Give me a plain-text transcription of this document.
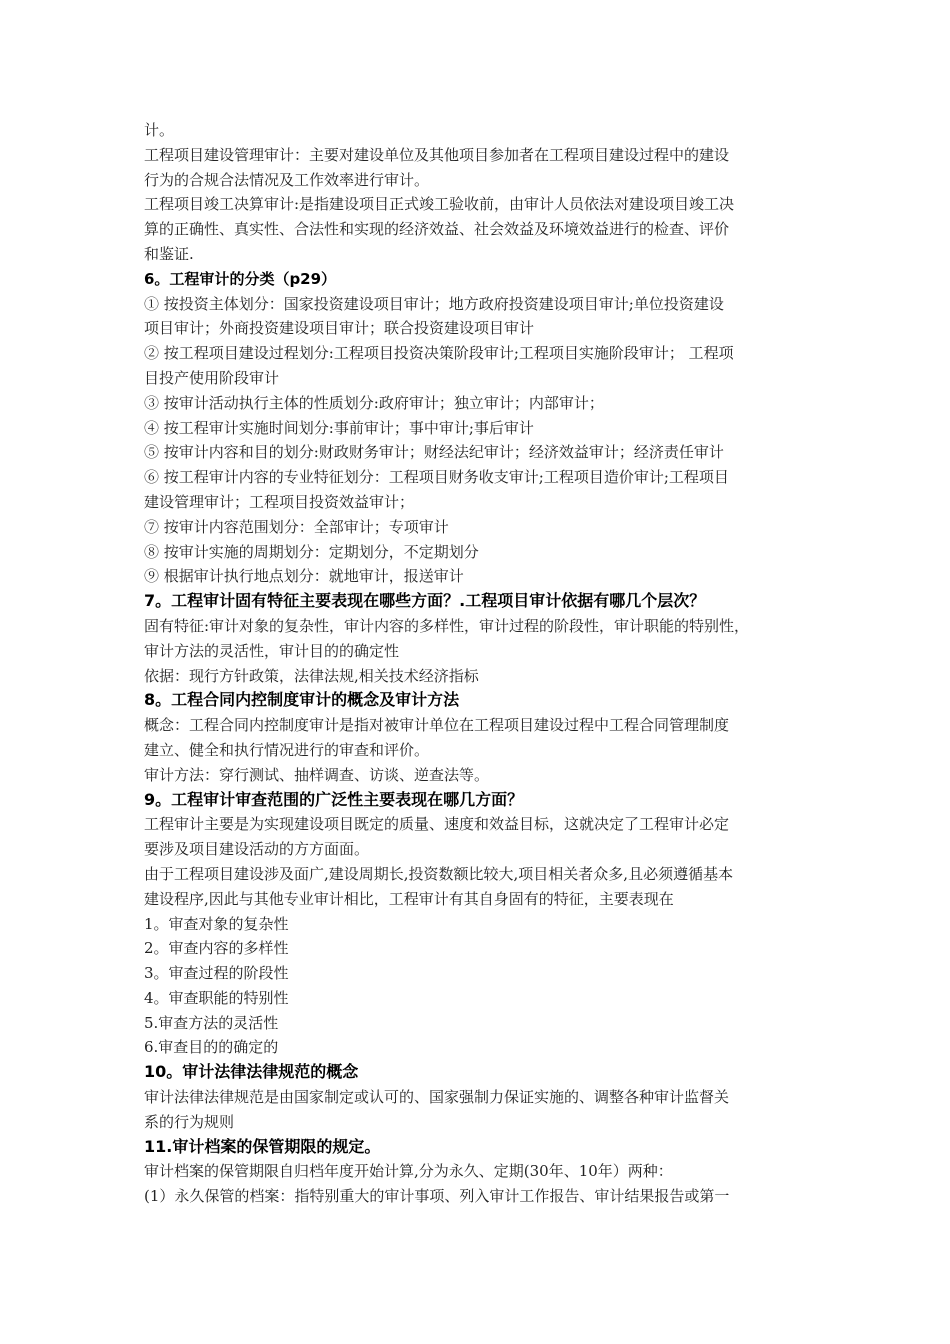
计。
工程项目建设管理审计：主要对建设单位及其他项目参加者在工程项目建设过程中的建设
行为的合规合法情况及工作效率进行审计。
工程项目竣工决算审计:是指建设项目正式竣工验收前，由审计人员依法对建设项目竣工决
算的正确性、真实性、合法性和实现的经济效益、社会效益及环境效益进行的检查、评价
和鉴证.
6。工程审计的分类（p29）
① 按投资主体划分：国家投资建设项目审计；地方政府投资建设项目审计;单位投资建设
项目审计；外商投资建设项目审计；联合投资建设项目审计
② 按工程项目建设过程划分:工程项目投资决策阶段审计;工程项目实施阶段审计； 工程项
目投产使用阶段审计
③ 按审计活动执行主体的性质划分:政府审计；独立审计；内部审计；
④ 按工程审计实施时间划分:事前审计；事中审计;事后审计
⑤ 按审计内容和目的划分:财政财务审计；财经法纪审计；经济效益审计；经济责任审计
⑥ 按工程审计内容的专业特征划分：工程项目财务收支审计;工程项目造价审计;工程项目
建设管理审计；工程项目投资效益审计；
⑦ 按审计内容范围划分：全部审计；专项审计
⑧ 按审计实施的周期划分：定期划分，不定期划分
⑨ 根据审计执行地点划分：就地审计，报送审计
7。工程审计固有特征主要表现在哪些方面？.工程项目审计依据有哪几个层次？
固有特征:审计对象的复杂性，审计内容的多样性，审计过程的阶段性，审计职能的特别性，
审计方法的灵活性，审计目的的确定性
依据：现行方针政策，法律法规,相关技术经济指标
8。工程合同内控制度审计的概念及审计方法
概念：工程合同内控制度审计是指对被审计单位在工程项目建设过程中工程合同管理制度
建立、健全和执行情况进行的审查和评价。
审计方法：穿行测试、抽样调查、访谈、逆查法等。
9。工程审计审查范围的广泛性主要表现在哪几方面？
工程审计主要是为实现建设项目既定的质量、速度和效益目标，这就决定了工程审计必定
要涉及项目建设活动的方方面面。
由于工程项目建设涉及面广,建设周期长,投资数额比较大,项目相关者众多,且必须遵循基本
建设程序,因此与其他专业审计相比，工程审计有其自身固有的特征，主要表现在
1。审查对象的复杂性
2。审查内容的多样性
3。审查过程的阶段性
4。审查职能的特别性
5.审查方法的灵活性
6.审查目的的确定的
10。审计法律法律规范的概念
审计法律法律规范是由国家制定或认可的、国家强制力保证实施的、调整各种审计监督关
系的行为规则
11.审计档案的保管期限的规定。
审计档案的保管期限自归档年度开始计算,分为永久、定期(30年、10年）两种：
(1）永久保管的档案：指特别重大的审计事项、列入审计工作报告、审计结果报告或第一
